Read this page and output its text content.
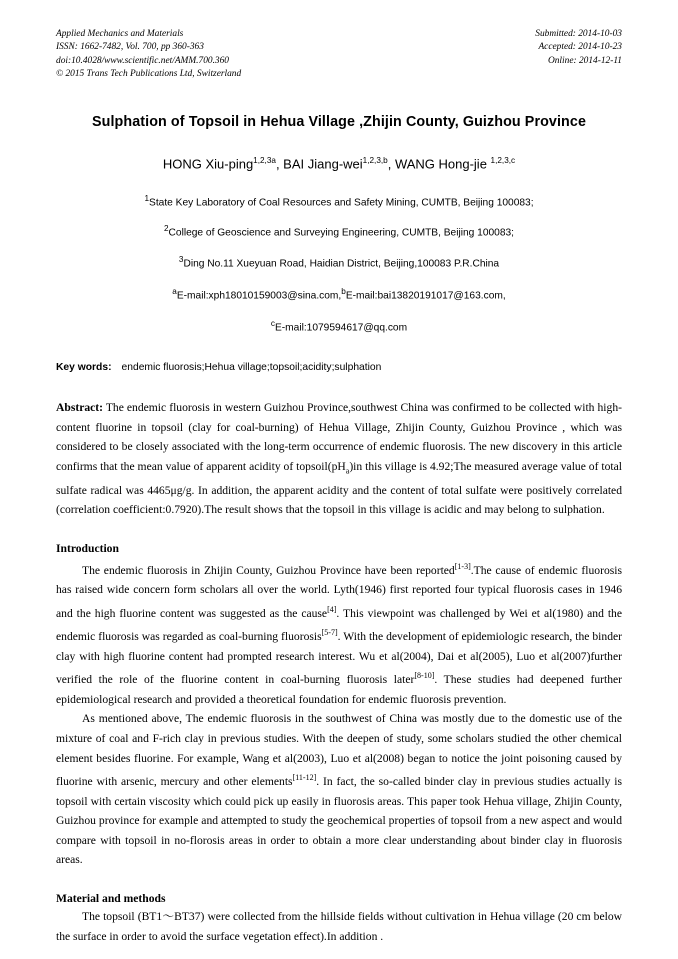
Applied Mechanics and Materials
ISSN: 1662-7482, Vol. 700, pp 360-363
doi:10.4028/www.scientific.net/AMM.700.360
© 2015 Trans Tech Publications Ltd, Switzerland
Submitted: 2014-10-03
Accepted: 2014-10-23
Online: 2014-12-11
Sulphation of Topsoil in Hehua Village ,Zhijin County, Guizhou Province
HONG Xiu-ping$^{1,2,3a}$, BAI Jiang-wei$^{1,2,3,b}$, WANG Hong-jie $^{1,2,3,c}$
$^1$State Key Laboratory of Coal Resources and Safety Mining, CUMTB, Beijing 100083;
$^2$College of Geoscience and Surveying Engineering, CUMTB, Beijing 100083;
$^3$Ding No.11 Xueyuan Road, Haidian District, Beijing,100083 P.R.China
$^a$E-mail:xph18010159003@sina.com,$^b$E-mail:bai13820191017@163.com,
$^c$E-mail:1079594617@qq.com
Key words: endemic fluorosis;Hehua village;topsoil;acidity;sulphation
Abstract: The endemic fluorosis in western Guizhou Province,southwest China was confirmed to be collected with high-content fluorine in topsoil (clay for coal-burning) of Hehua Village, Zhijin County, Guizhou Province , which was considered to be closely associated with the long-term occurrence of endemic fluorosis. The new discovery in this article confirms that the mean value of apparent acidity of $topsoil(pH_a)in$ this village is 4.92;The measured average value of total sulfate radical was 4465μg/g. In addition, the apparent acidity and the content of total sulfate were positively correlated (correlation coefficient:0.7920).The result shows that the topsoil in this village is acidic and may belong to sulphation.
Introduction

The endemic fluorosis in Zhijin County, Guizhou Province have been reported[1-3].The cause of endemic fluorosis has raised wide concern form scholars all over the world. Lyth(1946) first reported four typical fluorosis cases in 1946 and the high fluorine content was suggested as the cause[4]. This viewpoint was challenged by Wei et al(1980) and the endemic fluorosis was regarded as coal-burning fluorosis[5-7]. With the development of epidemiologic research, the binder clay with high fluorine content had prompted research interest. Wu et al(2004), Dai et al(2005), Luo et al(2007)further verified the role of the fluorine content in coal-burning fluorosis later[8-10]. These studies had deepened further epidemiological research and provided a theoretical foundation for endemic fluorosis prevention.

As mentioned above, The endemic fluorosis in the southwest of China was mostly due to the domestic use of the mixture of coal and F-rich clay in previous studies. With the deepen of study, some scholars studied the other chemical element besides fluorine. For example, Wang et al(2003), Luo et al(2008) began to notice the joint poisoning caused by fluorine with arsenic, mercury and other elements[11-12]. In fact, the so-called binder clay in previous studies actually is topsoil with certain viscosity which could pick up easily in fluorosis areas. This paper took Hehua village, Zhijin County, Guizhou province for example and attempted to study the geochemical properties of topsoil from a new aspect and would compare with topsoil in no-florosis areas in order to obtain a more clear understanding about binder clay in fluorosis areas.

Material and methods

The topsoil (BT1～BT37) were collected from the hillside fields without cultivation in Hehua village (20 cm below the surface in order to avoid the surface vegetation effect).In addition .
